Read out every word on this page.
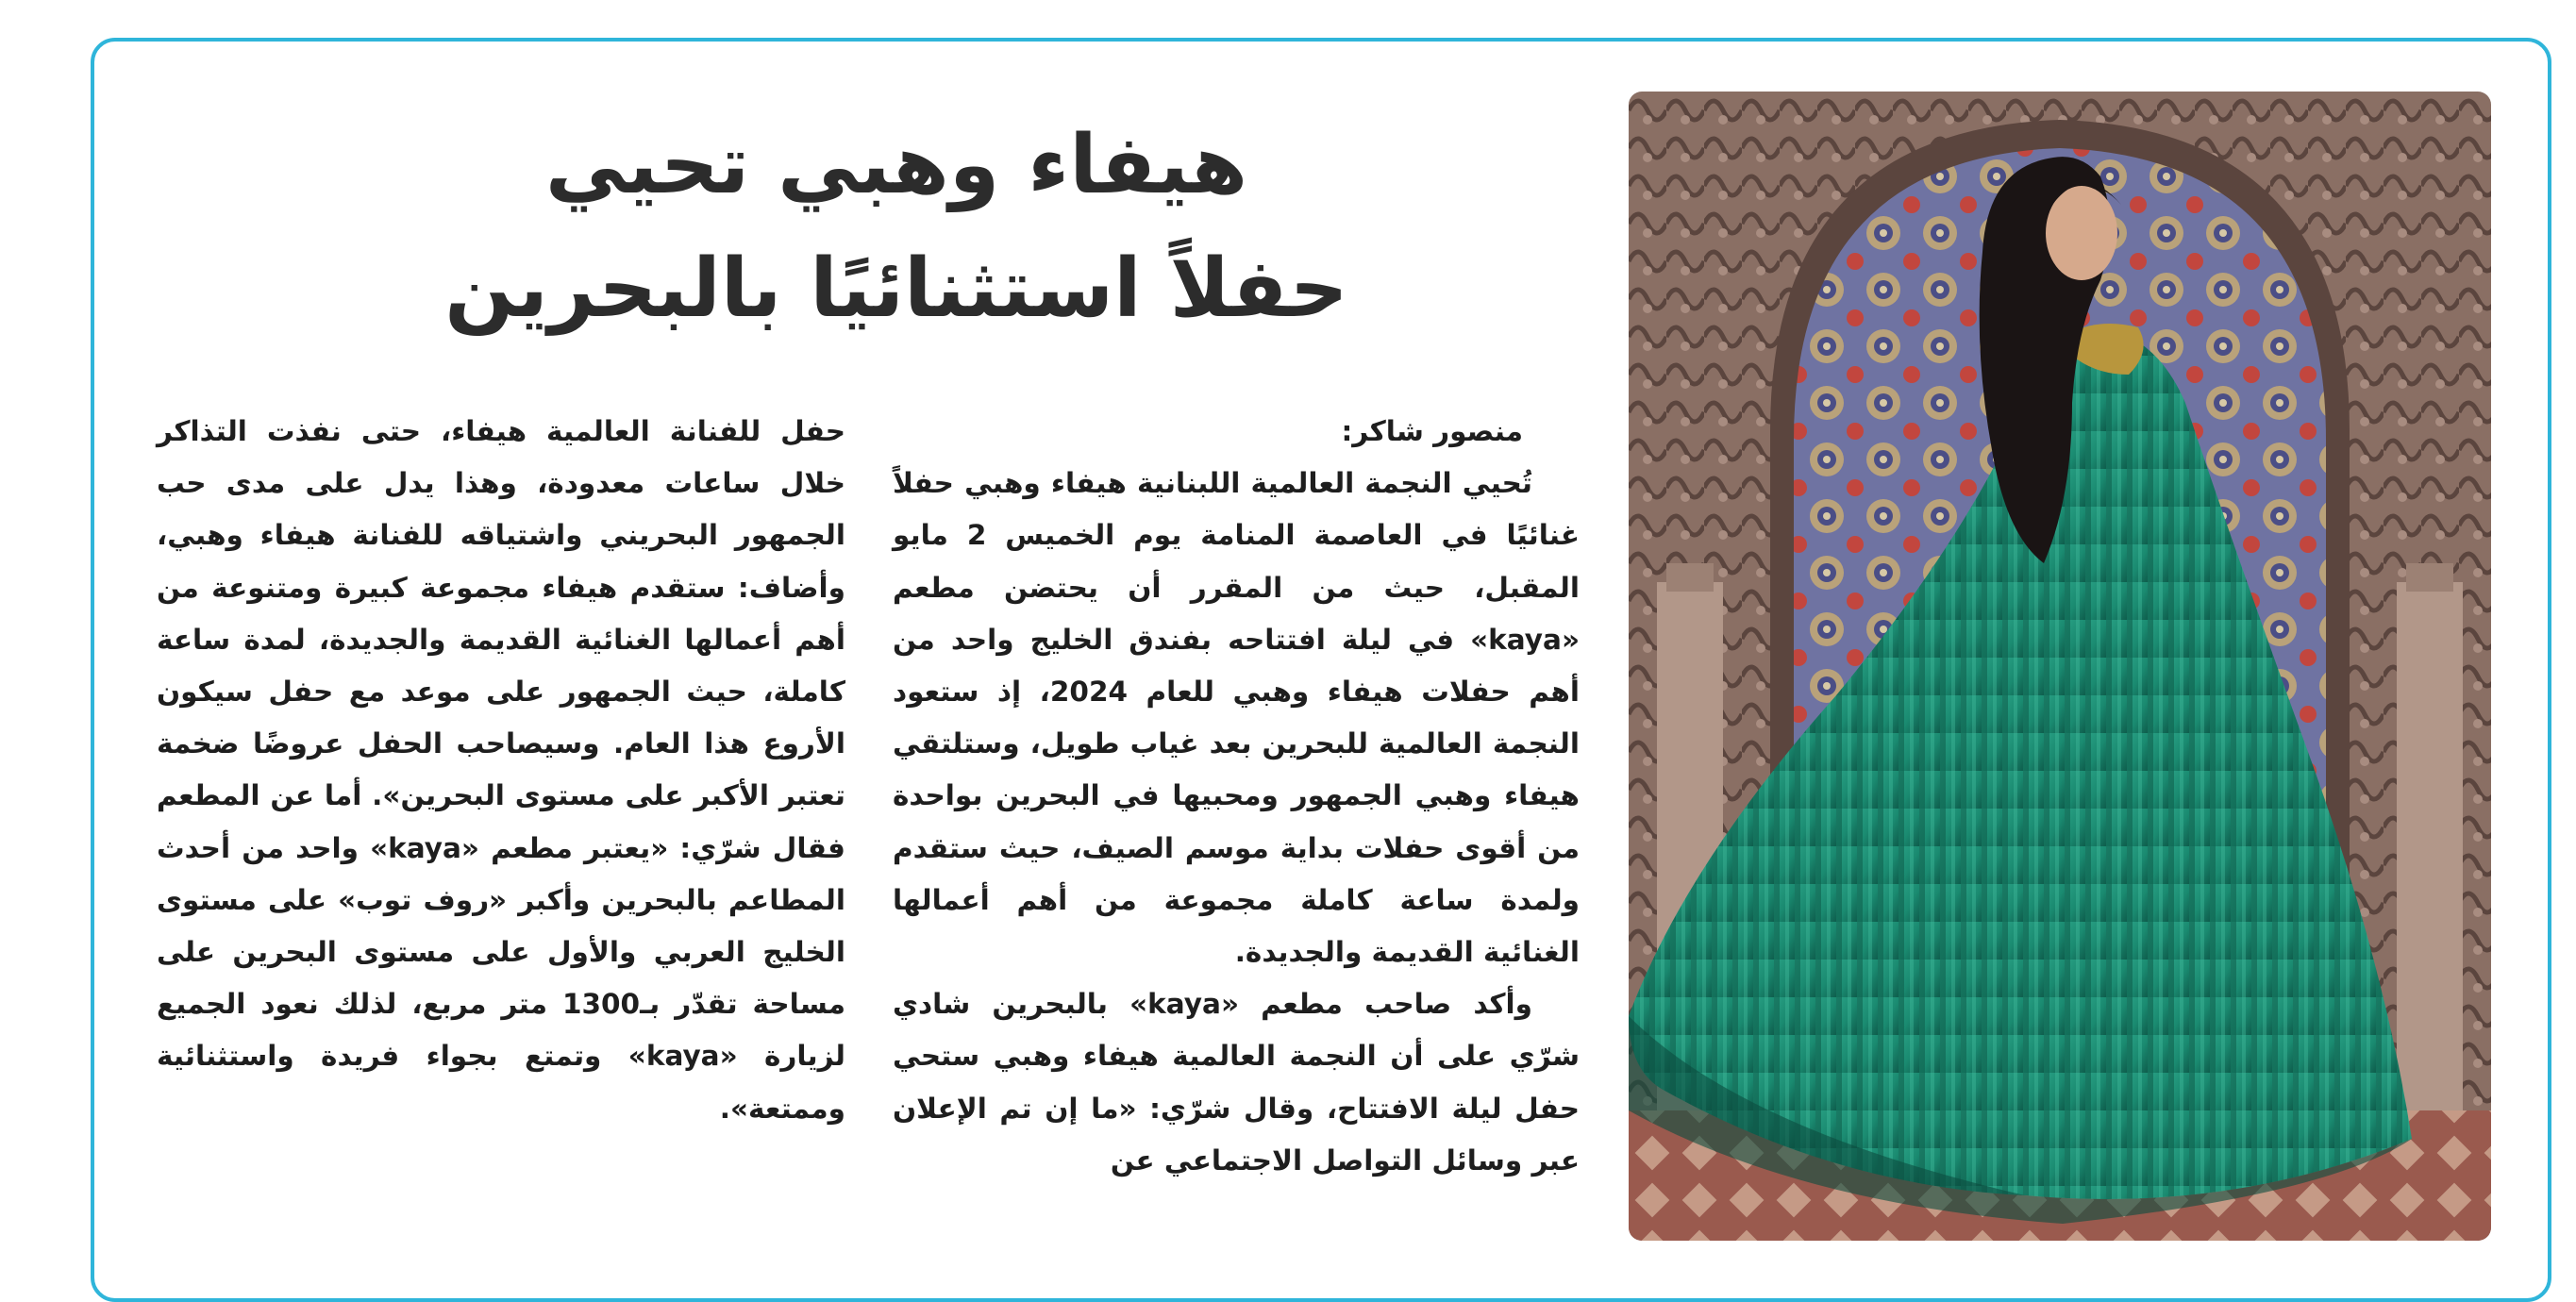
هيفاء وهبي تحيي
حفلاً استثنائيًا بالبحرين

منصور شاكر:

تُحيي النجمة العالمية اللبنانية هيفاء وهبي حفلاً غنائيًا في العاصمة المنامة يوم الخميس 2 مايو المقبل، حيث من المقرر أن يحتضن مطعم «kaya» في ليلة افتتاحه بفندق الخليج واحد من أهم حفلات هيفاء وهبي للعام 2024، إذ ستعود النجمة العالمية للبحرين بعد غياب طويل، وستلتقي هيفاء وهبي الجمهور ومحبيها في البحرين بواحدة من أقوى حفلات بداية موسم الصيف، حيث ستقدم ولمدة ساعة كاملة مجموعة من أهم أعمالها الغنائية القديمة والجديدة.

وأكد صاحب مطعم «kaya» بالبحرين شادي شرّي على أن النجمة العالمية هيفاء وهبي ستحي حفل ليلة الافتتاح، وقال شرّي: «ما إن تم الإعلان عبر وسائل التواصل الاجتماعي عن

حفل للفنانة العالمية هيفاء، حتى نفذت التذاكر خلال ساعات معدودة، وهذا يدل على مدى حب الجمهور البحريني واشتياقه للفنانة هيفاء وهبي، وأضاف: ستقدم هيفاء مجموعة كبيرة ومتنوعة من أهم أعمالها الغنائية القديمة والجديدة، لمدة ساعة كاملة، حيث الجمهور على موعد مع حفل سيكون الأروع هذا العام. وسيصاحب الحفل عروضًا ضخمة تعتبر الأكبر على مستوى البحرين». أما عن المطعم فقال شرّي: «يعتبر مطعم «kaya» واحد من أحدث المطاعم بالبحرين وأكبر «روف توب» على مستوى الخليج العربي والأول على مستوى البحرين على مساحة تقدّر بـ1300 متر مربع، لذلك نعود الجميع لزيارة «kaya» وتمتع بجواء فريدة واستثنائية وممتعة».
